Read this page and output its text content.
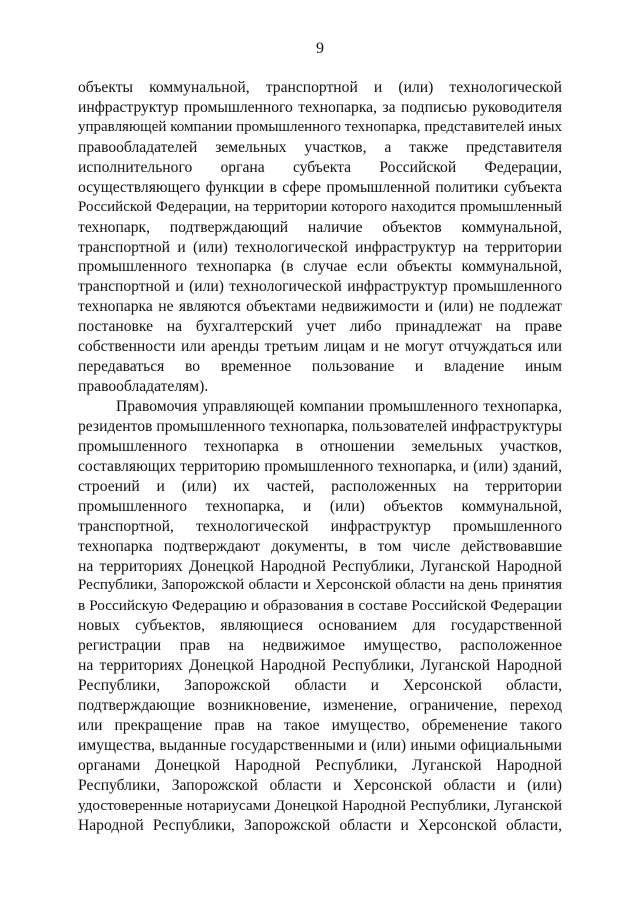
9
объекты коммунальной, транспортной и (или) технологической
инфраструктур промышленного технопарка, за подписью руководителя
управляющей компании промышленного технопарка, представителей иных
правообладателей земельных участков, а также представителя
исполнительного органа субъекта Российской Федерации,
осуществляющего функции в сфере промышленной политики субъекта
Российской Федерации, на территории которого находится промышленный
технопарк, подтверждающий наличие объектов коммунальной,
транспортной и (или) технологической инфраструктур на территории
промышленного технопарка (в случае если объекты коммунальной,
транспортной и (или) технологической инфраструктур промышленного
технопарка не являются объектами недвижимости и (или) не подлежат
постановке на бухгалтерский учет либо принадлежат на праве
собственности или аренды третьим лицам и не могут отчуждаться или
передаваться во временное пользование и владение иным
правообладателям).
Правомочия управляющей компании промышленного технопарка,
резидентов промышленного технопарка, пользователей инфраструктуры
промышленного технопарка в отношении земельных участков,
составляющих территорию промышленного технопарка, и (или) зданий,
строений и (или) их частей, расположенных на территории
промышленного технопарка, и (или) объектов коммунальной,
транспортной, технологической инфраструктур промышленного
технопарка подтверждают документы, в том числе действовавшие
на территориях Донецкой Народной Республики, Луганской Народной
Республики, Запорожской области и Херсонской области на день принятия
в Российскую Федерацию и образования в составе Российской Федерации
новых субъектов, являющиеся основанием для государственной
регистрации прав на недвижимое имущество, расположенное
на территориях Донецкой Народной Республики, Луганской Народной
Республики, Запорожской области и Херсонской области,
подтверждающие возникновение, изменение, ограничение, переход
или прекращение прав на такое имущество, обременение такого
имущества, выданные государственными и (или) иными официальными
органами Донецкой Народной Республики, Луганской Народной
Республики, Запорожской области и Херсонской области и (или)
удостоверенные нотариусами Донецкой Народной Республики, Луганской
Народной Республики, Запорожской области и Херсонской области,
